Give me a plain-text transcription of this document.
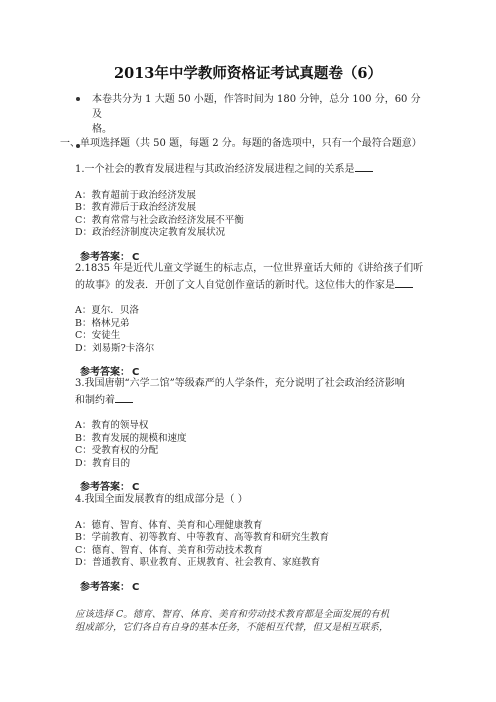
2013年中学教师资格证考试真题卷（6）
本卷共分为 1 大题 50 小题，作答时间为 180 分钟，总分 100 分，60 分及
格。
一、单项选择题（共 50 题，每题 2 分。每题的备选项中，只有一个最符合题意）
1.一个社会的教育发展进程与其政治经济发展进程之间的关系是
A：教育超前于政治经济发展
B：教育滞后于政治经济发展
C：教育常常与社会政治经济发展不平衡
D：政治经济制度决定教育发展状况
参考答案： C
2.1835 年是近代儿童文学诞生的标志点，一位世界童话大师的《讲给孩子们听
的故事》的发表．开创了文人自觉创作童话的新时代。这位伟大的作家是
A：夏尔．贝洛
B：格林兄弟
C：安徒生
D：刘易斯?卡洛尔
参考答案： C
3.我国唐朝“六学二馆”等级森严的人学条件，充分说明了社会政治经济影响
和制约着
A：教育的领导权
B：教育发展的规模和速度
C：受教育权的分配
D：教育目的
参考答案： C
4.我国全面发展教育的组成部分是（ ）
A：德育、智育、体育、美育和心理健康教育
B：学前教育、初等教育、中等教育、高等教育和研究生教育
C：德育、智育、体育、美育和劳动技术教育
D：普通教育、职业教育、正规教育、社会教育、家庭教育
参考答案： C
应该选择 C。德育、智育、体育、美育和劳动技术教育都是全面发展的有机
组成部分，它们各自有自身的基本任务，不能相互代替，但又是相互联系，
